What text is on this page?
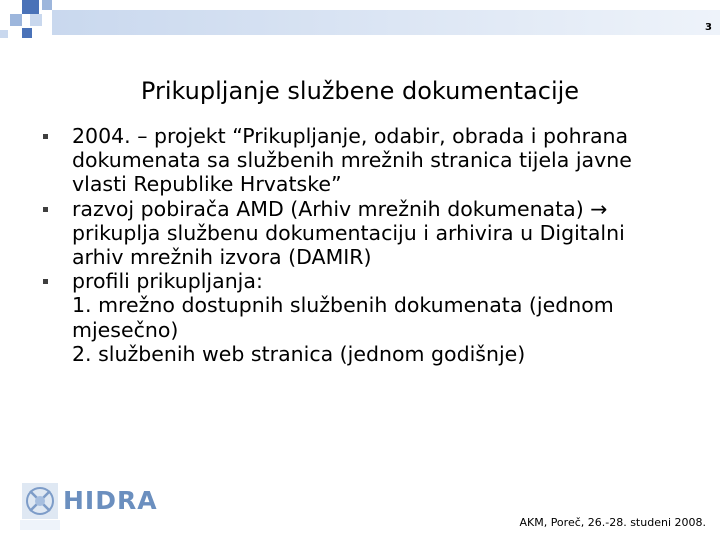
3
Prikupljanje službene dokumentacije
2004. – projekt “Prikupljanje, odabir, obrada i pohrana
dokumenata sa službenih mrežnih stranica tijela javne
vlasti Republike Hrvatske”
razvoj pobirača AMD (Arhiv mrežnih dokumenata) →
prikuplja službenu dokumentaciju i arhivira u Digitalni
arhiv mrežnih izvora (DAMIR)
profili prikupljanja:
1. mrežno dostupnih službenih dokumenata (jednom
mjesečno)
2. službenih web stranica (jednom godišnje)
HIDRA
AKM, Poreč, 26.-28. studeni 2008.
